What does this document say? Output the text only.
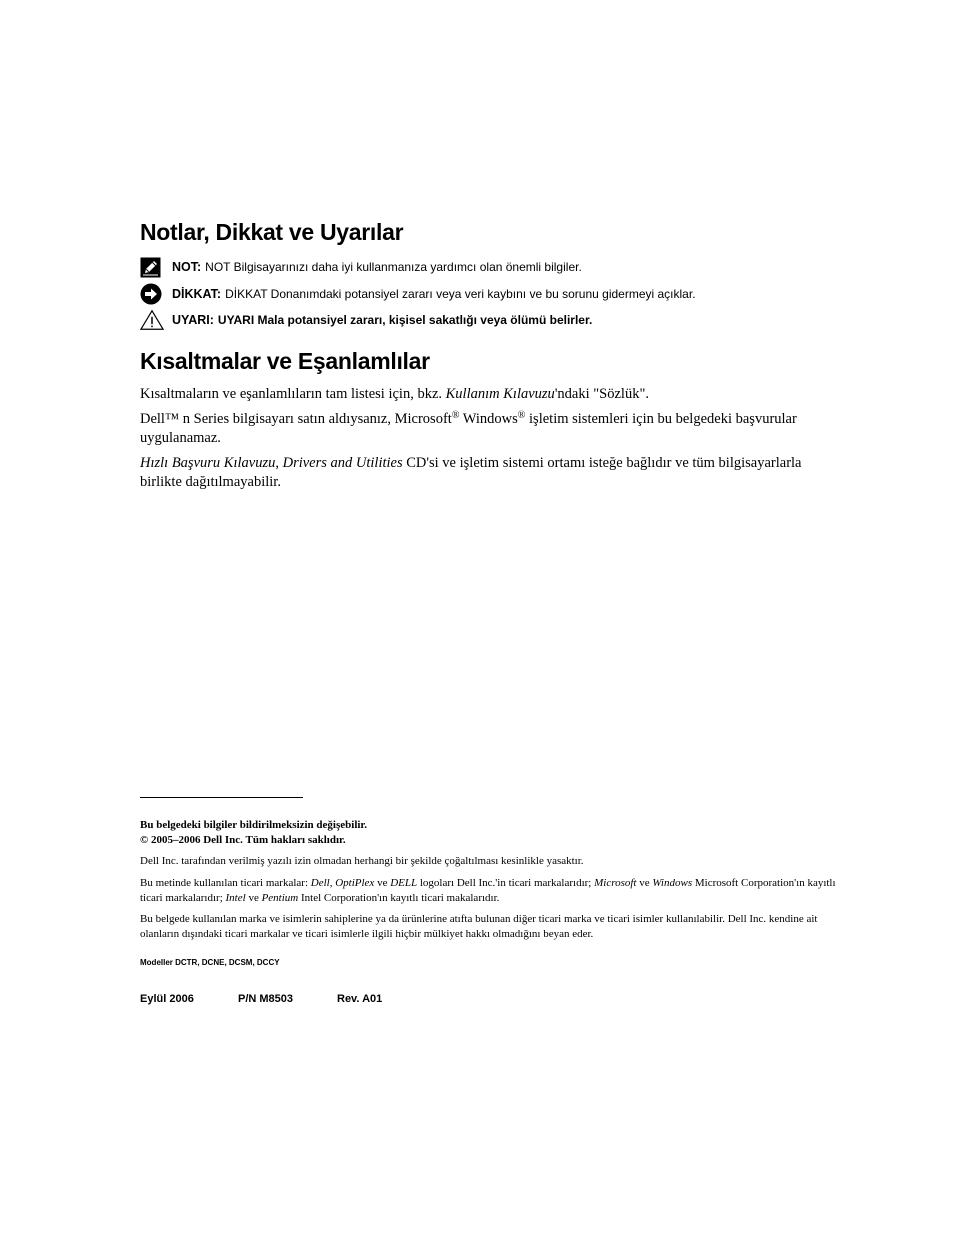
Notlar, Dikkat ve Uyarılar
NOT: NOT Bilgisayarınızı daha iyi kullanmanıza yardımcı olan önemli bilgiler.
DİKKAT: DİKKAT Donanımdaki potansiyel zararı veya veri kaybını ve bu sorunu gidermeyi açıklar.
UYARI: UYARI Mala potansiyel zararı, kişisel sakatlığı veya ölümü belirler.
Kısaltmalar ve Eşanlamlılar
Kısaltmaların ve eşanlamlıların tam listesi için, bkz. Kullanım Kılavuzu'ndaki "Sözlük".
Dell™ n Series bilgisayarı satın aldıysanız, Microsoft® Windows® işletim sistemleri için bu belgedeki başvurular uygulanamaz.
Hızlı Başvuru Kılavuzu, Drivers and Utilities CD'si ve işletim sistemi ortamı isteğe bağlıdır ve tüm bilgisayarlarla birlikte dağıtılmayabilir.
Bu belgedeki bilgiler bildirilmeksizin değişebilir.
© 2005–2006 Dell Inc. Tüm hakları saklıdır.
Dell Inc. tarafından verilmiş yazılı izin olmadan herhangi bir şekilde çoğaltılması kesinlikle yasaktır.
Bu metinde kullanılan ticari markalar: Dell, OptiPlex ve DELL logoları Dell Inc.'in ticari markalarıdır; Microsoft ve Windows Microsoft Corporation'ın kayıtlı ticari markalarıdır; Intel ve Pentium Intel Corporation'ın kayıtlı ticari makalarıdır.
Bu belgede kullanılan marka ve isimlerin sahiplerine ya da ürünlerine atıfta bulunan diğer ticari marka ve ticari isimler kullanılabilir. Dell Inc. kendine ait olanların dışındaki ticari markalar ve ticari isimlerle ilgili hiçbir mülkiyet hakkı olmadığını beyan eder.
Modeller DCTR, DCNE, DCSM, DCCY
Eylül 2006	P/N M8503	Rev. A01
